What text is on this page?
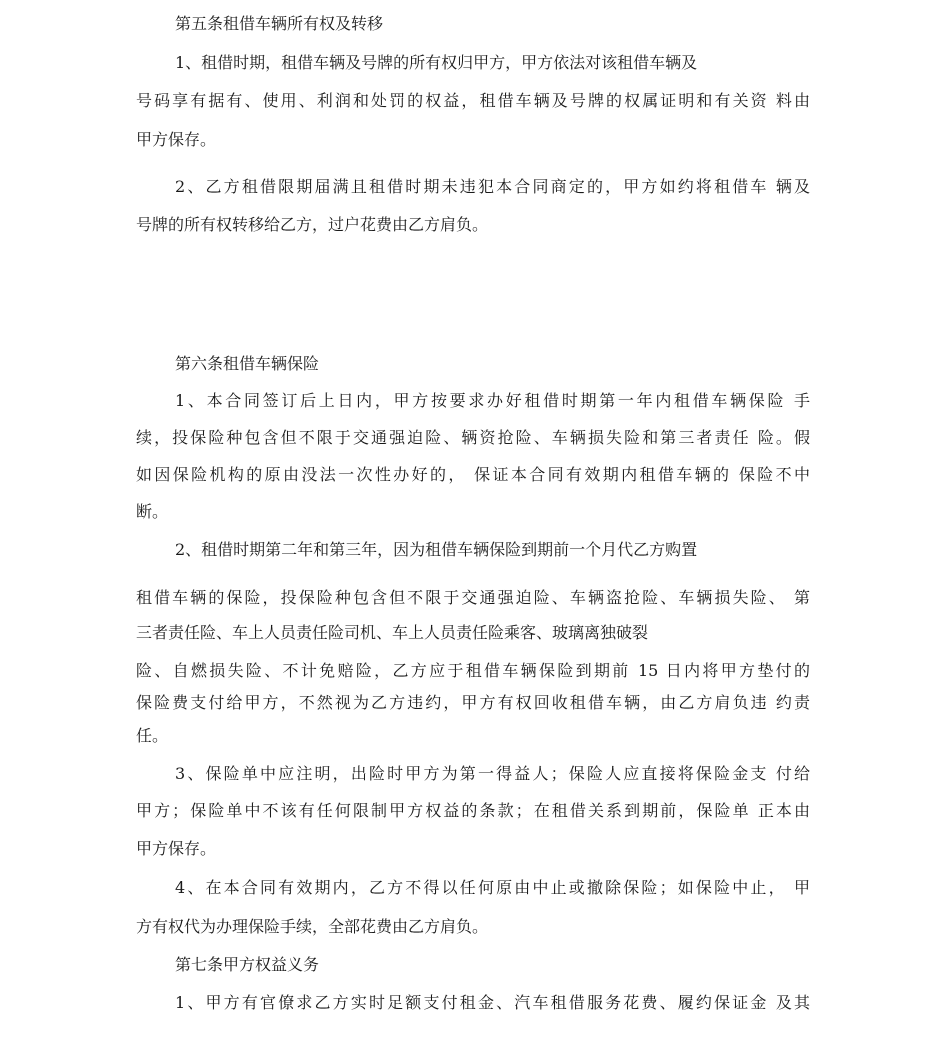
第五条租借车辆所有权及转移
1、租借时期，租借车辆及号牌的所有权归甲方，甲方依法对该租借车辆及
号码享有据有、使用、利润和处罚的权益，租借车辆及号牌的权属证明和有关资 料由
甲方保存。
2、乙方租借限期届满且租借时期未违犯本合同商定的，甲方如约将租借车 辆及
号牌的所有权转移给乙方，过户花费由乙方肩负。
第六条租借车辆保险
1、本合同签订后上日内，甲方按要求办好租借时期第一年内租借车辆保险 手
续，投保险种包含但不限于交通强迫险、辆资抢险、车辆损失险和第三者责任 险。假
如因保险机构的原由没法一次性办好的， 保证本合同有效期内租借车辆的 保险不中
断。
2、租借时期第二年和第三年，因为租借车辆保险到期前一个月代乙方购置
租借车辆的保险，投保险种包含但不限于交通强迫险、车辆盗抢险、车辆损失险、 第
三者责任险、车上人员责任险司机、车上人员责任险乘客、玻璃离独破裂
险、自燃损失险、不计免赔险，乙方应于租借车辆保险到期前 15 日内将甲方垫付的
保险费支付给甲方，不然视为乙方违约，甲方有权回收租借车辆，由乙方肩负违 约责
任。
3、保险单中应注明，出险时甲方为第一得益人；保险人应直接将保险金支 付给
甲方；保险单中不该有任何限制甲方权益的条款；在租借关系到期前，保险单 正本由
甲方保存。
4、在本合同有效期内，乙方不得以任何原由中止或撤除保险；如保险中止， 甲
方有权代为办理保险手续，全部花费由乙方肩负。
第七条甲方权益义务
1、甲方有官僚求乙方实时足额支付租金、汽车租借服务花费、履约保证金 及其
